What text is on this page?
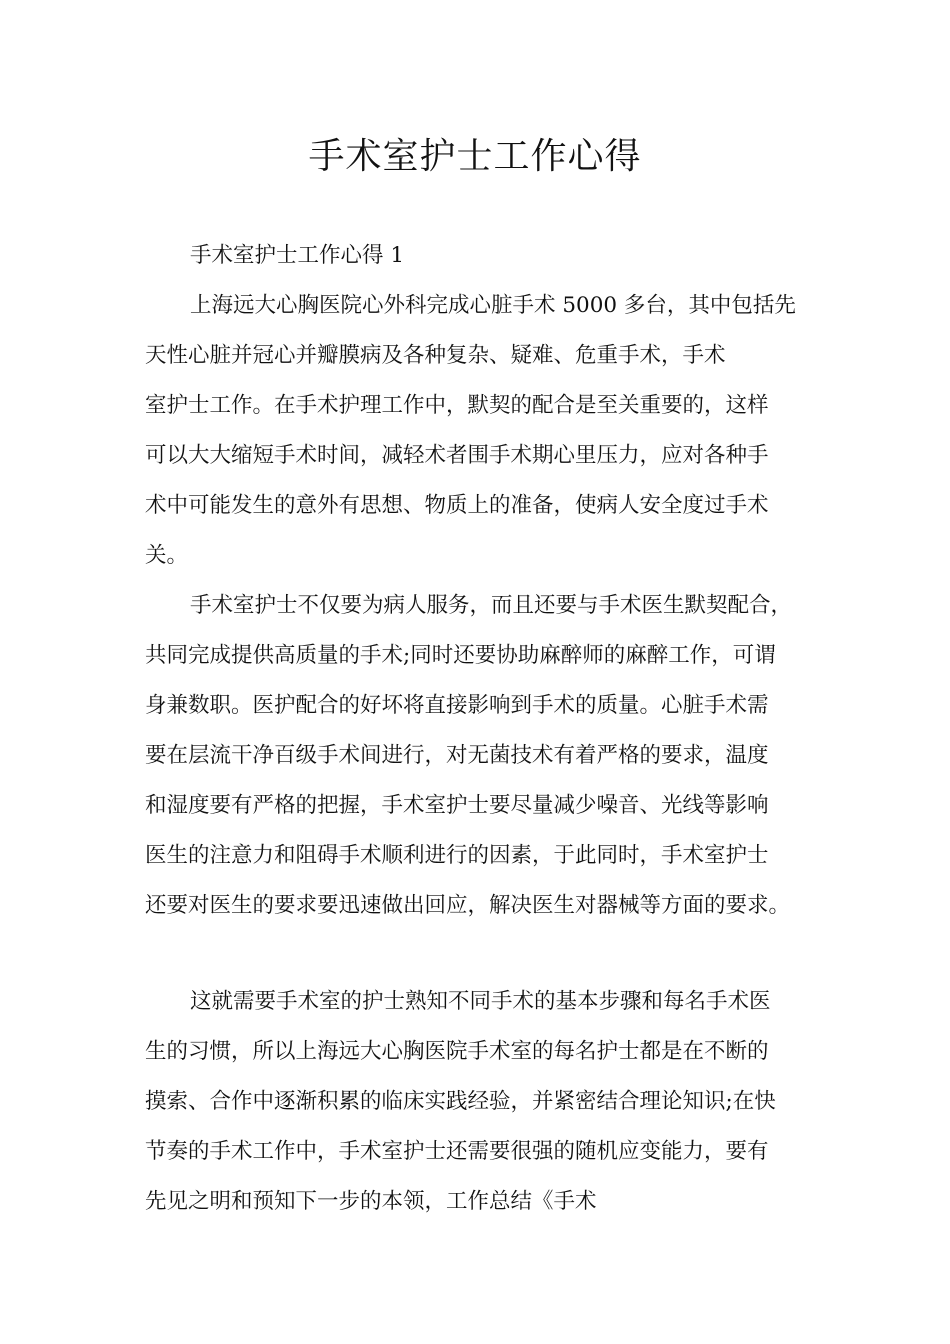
手术室护士工作心得
手术室护士工作心得 1
上海远大心胸医院心外科完成心脏手术 5000 多台，其中包括先
天性心脏并冠心并瓣膜病及各种复杂、疑难、危重手术，手术
室护士工作。在手术护理工作中，默契的配合是至关重要的，这样
可以大大缩短手术时间，减轻术者围手术期心里压力，应对各种手
术中可能发生的意外有思想、物质上的准备，使病人安全度过手术
关。
手术室护士不仅要为病人服务，而且还要与手术医生默契配合，
共同完成提供高质量的手术;同时还要协助麻醉师的麻醉工作，可谓
身兼数职。医护配合的好坏将直接影响到手术的质量。心脏手术需
要在层流干净百级手术间进行，对无菌技术有着严格的要求，温度
和湿度要有严格的把握，手术室护士要尽量减少噪音、光线等影响
医生的注意力和阻碍手术顺利进行的因素，于此同时，手术室护士
还要对医生的要求要迅速做出回应，解决医生对器械等方面的要求。
这就需要手术室的护士熟知不同手术的基本步骤和每名手术医
生的习惯，所以上海远大心胸医院手术室的每名护士都是在不断的
摸索、合作中逐渐积累的临床实践经验，并紧密结合理论知识;在快
节奏的手术工作中，手术室护士还需要很强的随机应变能力，要有
先见之明和预知下一步的本领，工作总结《手术
